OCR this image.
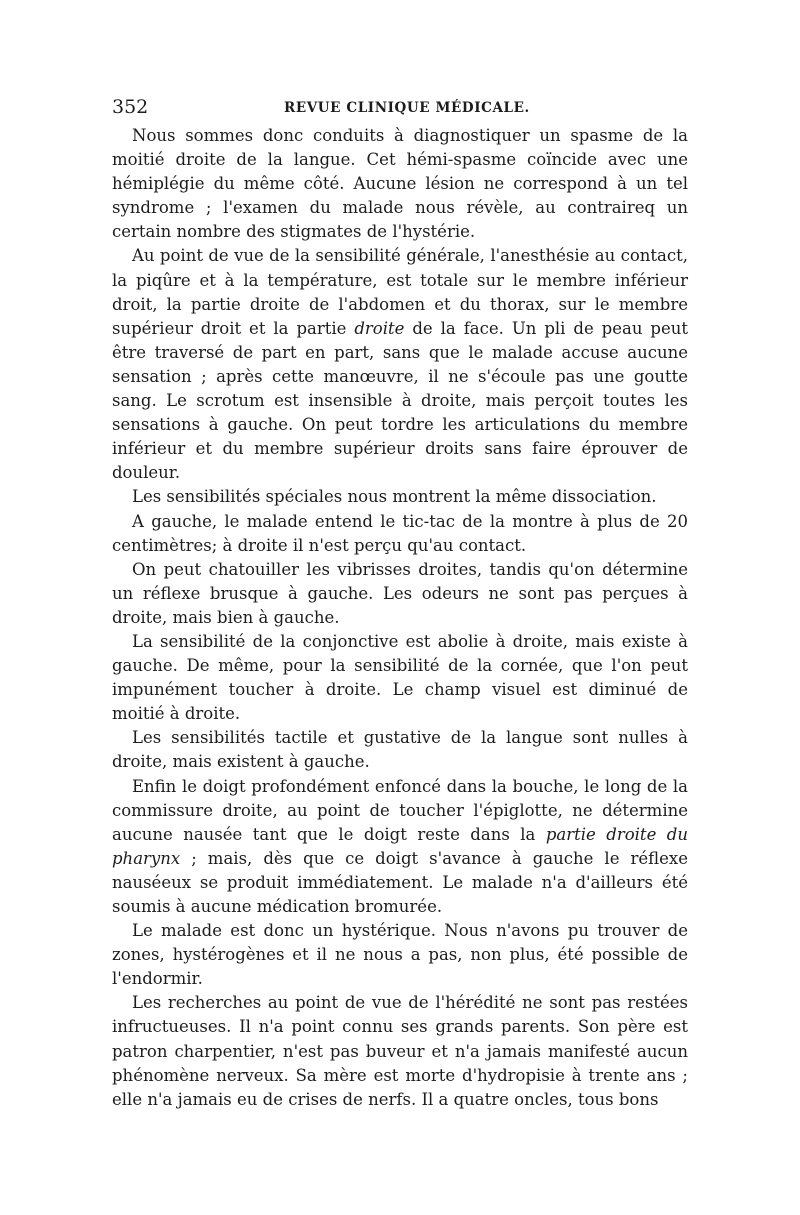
352	REVUE CLINIQUE MÉDICALE.

Nous sommes donc conduits à diagnostiquer un spasme de la moitié droite de la langue. Cet hémi-spasme coïncide avec une hémiplégie du même côté. Aucune lésion ne correspond à un tel syndrome ; l'examen du malade nous révèle, au contraireq un certain nombre des stigmates de l'hystérie.

Au point de vue de la sensibilité générale, l'anesthésie au contact, la piqûre et à la température, est totale sur le membre inférieur droit, la partie droite de l'abdomen et du thorax, sur le membre supérieur droit et la partie droite de la face. Un pli de peau peut être traversé de part en part, sans que le malade accuse aucune sensation ; après cette manœuvre, il ne s'écoule pas une goutte sang. Le scrotum est insensible à droite, mais perçoit toutes les sensations à gauche. On peut tordre les articulations du membre inférieur et du membre supérieur droits sans faire éprouver de douleur.

Les sensibilités spéciales nous montrent la même dissociation.

A gauche, le malade entend le tic-tac de la montre à plus de 20 centimètres; à droite il n'est perçu qu'au contact.

On peut chatouiller les vibrisses droites, tandis qu'on détermine un réflexe brusque à gauche. Les odeurs ne sont pas perçues à droite, mais bien à gauche.

La sensibilité de la conjonctive est abolie à droite, mais existe à gauche. De même, pour la sensibilité de la cornée, que l'on peut impunément toucher à droite. Le champ visuel est diminué de moitié à droite.

Les sensibilités tactile et gustative de la langue sont nulles à droite, mais existent à gauche.

Enfin le doigt profondément enfoncé dans la bouche, le long de la commissure droite, au point de toucher l'épiglotte, ne détermine aucune nausée tant que le doigt reste dans la partie droite du pharynx ; mais, dès que ce doigt s'avance à gauche le réflexe nauséeux se produit immédiatement. Le malade n'a d'ailleurs été soumis à aucune médication bromurée.

Le malade est donc un hystérique. Nous n'avons pu trouver de zones, hystérogènes et il ne nous a pas, non plus, été possible de l'endormir.

Les recherches au point de vue de l'hérédité ne sont pas restées infructueuses. Il n'a point connu ses grands parents. Son père est patron charpentier, n'est pas buveur et n'a jamais manifesté aucun phénomène nerveux. Sa mère est morte d'hydropisie à trente ans ; elle n'a jamais eu de crises de nerfs. Il a quatre oncles, tous bons
